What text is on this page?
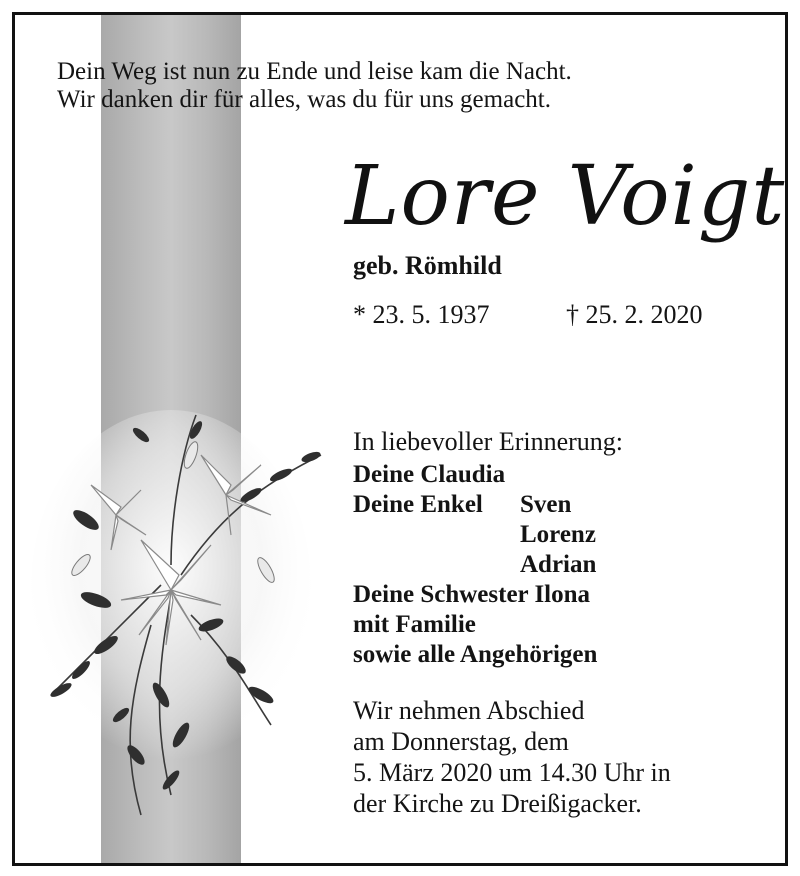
Dein Weg ist nun zu Ende und leise kam die Nacht.
Wir danken dir für alles, was du für uns gemacht.
Lore Voigt
geb. Römhild
* 23. 5. 1937	† 25. 2. 2020
In liebevoller Erinnerung:
Deine Claudia
Deine Enkel Sven
Lorenz
Adrian
Deine Schwester Ilona
mit Familie
sowie alle Angehörigen
Wir nehmen Abschied
am Donnerstag, dem
5. März 2020 um 14.30 Uhr in
der Kirche zu Dreißigacker.
